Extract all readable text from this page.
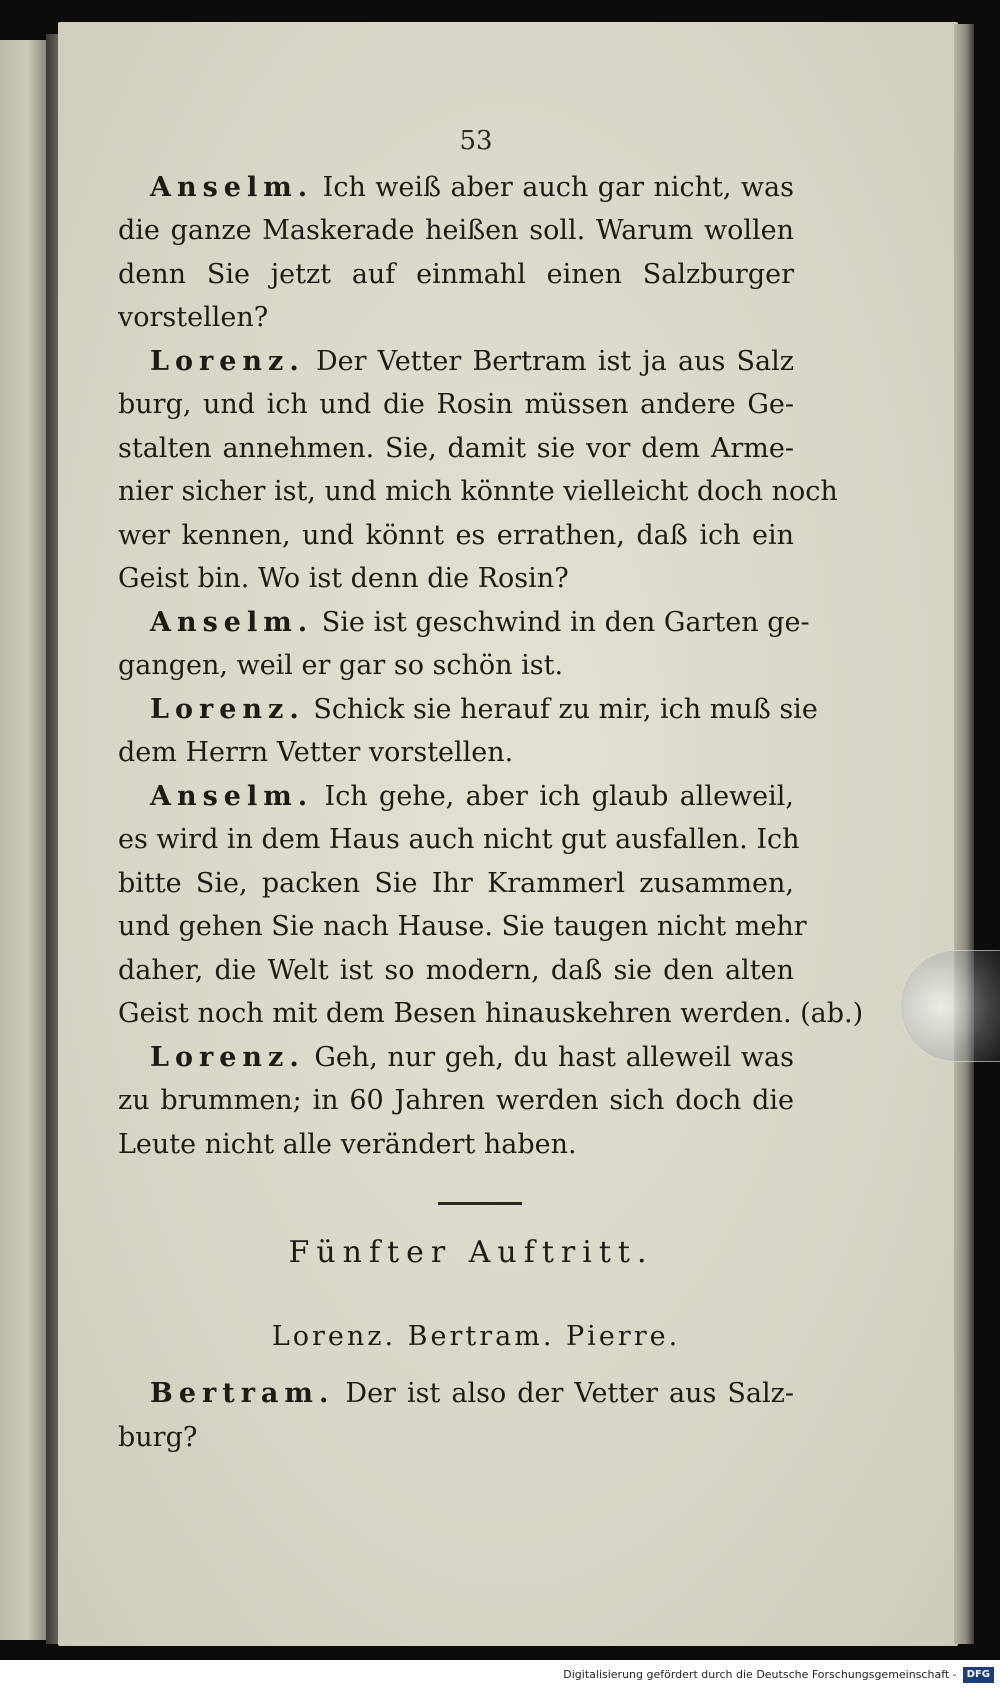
53
Anselm. Ich weiß aber auch gar nicht, was
die ganze Maskerade heißen soll. Warum wollen
denn Sie jetzt auf einmahl einen Salzburger
vorstellen?
Lorenz. Der Vetter Bertram ist ja aus Salz
burg, und ich und die Rosin müssen andere Ge-
stalten annehmen. Sie, damit sie vor dem Arme-
nier sicher ist, und mich könnte vielleicht doch noch
wer kennen, und könnt es errathen, daß ich ein
Geist bin. Wo ist denn die Rosin?
Anselm. Sie ist geschwind in den Garten ge-
gangen, weil er gar so schön ist.
Lorenz. Schick sie herauf zu mir, ich muß sie
dem Herrn Vetter vorstellen.
Anselm. Ich gehe, aber ich glaub alleweil,
es wird in dem Haus auch nicht gut ausfallen. Ich
bitte Sie, packen Sie Ihr Krammerl zusammen,
und gehen Sie nach Hause. Sie taugen nicht mehr
daher, die Welt ist so modern, daß sie den alten
Geist noch mit dem Besen hinauskehren werden. (ab.)
Lorenz. Geh, nur geh, du hast alleweil was
zu brummen; in 60 Jahren werden sich doch die
Leute nicht alle verändert haben.
Fünfter Auftritt.
Lorenz. Bertram. Pierre.
Bertram. Der ist also der Vetter aus Salz-
burg?
Digitalisierung gefördert durch die Deutsche Forschungsgemeinschaft - DFG
